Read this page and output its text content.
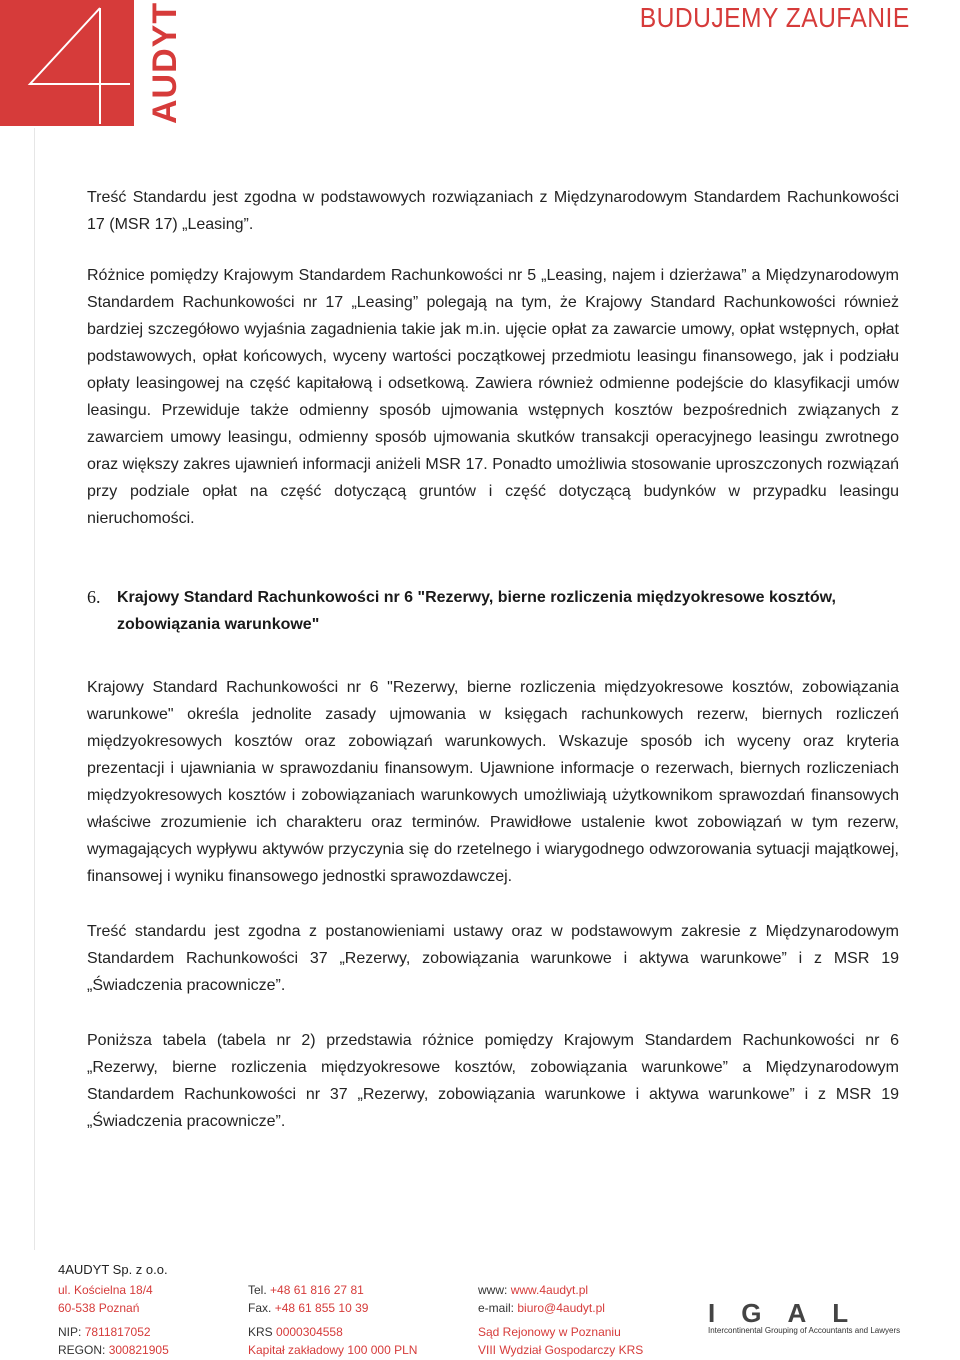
AUDYT	BUDUJEMY ZAUFANIE

Treść Standardu jest zgodna w podstawowych rozwiązaniach z Międzynarodowym Standardem Rachunkowości 17 (MSR 17) „Leasing”.

Różnice pomiędzy Krajowym Standardem Rachunkowości nr 5 „Leasing, najem i dzierżawa” a Międzynarodowym Standardem Rachunkowości nr 17 „Leasing” polegają na tym, że Krajowy Standard Rachunkowości również bardziej szczegółowo wyjaśnia zagadnienia takie jak m.in. ujęcie opłat za zawarcie umowy, opłat wstępnych, opłat podstawowych, opłat końcowych, wyceny wartości początkowej przedmiotu leasingu finansowego, jak i podziału opłaty leasingowej na część kapitałową i odsetkową. Zawiera również odmienne podejście do klasyfikacji umów leasingu. Przewiduje także odmienny sposób ujmowania wstępnych kosztów bezpośrednich związanych z zawarciem umowy leasingu, odmienny sposób ujmowania skutków transakcji operacyjnego leasingu zwrotnego oraz większy zakres ujawnień informacji aniżeli MSR 17. Ponadto umożliwia stosowanie uproszczonych rozwiązań przy podziale opłat na część dotyczącą gruntów i część dotyczącą budynków w przypadku leasingu nieruchomości.

6.	Krajowy Standard Rachunkowości nr 6 "Rezerwy, bierne rozliczenia międzyokresowe kosztów, zobowiązania warunkowe"

Krajowy Standard Rachunkowości nr 6 "Rezerwy, bierne rozliczenia międzyokresowe kosztów, zobowiązania warunkowe" określa jednolite zasady ujmowania w księgach rachunkowych rezerw, biernych rozliczeń międzyokresowych kosztów oraz zobowiązań warunkowych. Wskazuje sposób ich wyceny oraz kryteria prezentacji i ujawniania w sprawozdaniu finansowym. Ujawnione informacje o rezerwach, biernych rozliczeniach międzyokresowych kosztów i zobowiązaniach warunkowych umożliwiają użytkownikom sprawozdań finansowych właściwe zrozumienie ich charakteru oraz terminów. Prawidłowe ustalenie kwot zobowiązań w tym rezerw, wymagających wypływu aktywów przyczynia się do rzetelnego i wiarygodnego odwzorowania sytuacji majątkowej, finansowej i wyniku finansowego jednostki sprawozdawczej.

Treść standardu jest zgodna z postanowieniami ustawy oraz w podstawowym zakresie z Międzynarodowym Standardem Rachunkowości 37 „Rezerwy, zobowiązania warunkowe i aktywa warunkowe” i z MSR 19 „Świadczenia pracownicze”.

Poniższa tabela (tabela nr 2) przedstawia różnice pomiędzy Krajowym Standardem Rachunkowości nr 6 „Rezerwy, bierne rozliczenia międzyokresowe kosztów, zobowiązania warunkowe” a Międzynarodowym Standardem Rachunkowości nr 37 „Rezerwy, zobowiązania warunkowe i aktywa warunkowe” i z MSR 19 „Świadczenia pracownicze”.

4AUDYT Sp. z o.o.
ul. Kościelna 18/4
60-538 Poznań
NIP: 7811817052
REGON: 300821905
Tel. +48 61 816 27 81
Fax. +48 61 855 10 39
KRS 0000304558
Kapitał zakładowy 100 000 PLN
www: www.4audyt.pl
e-mail: biuro@4audyt.pl
Sąd Rejonowy w Poznaniu
VIII Wydział Gospodarczy KRS
IGAL
Intercontinental Grouping of Accountants and Lawyers
